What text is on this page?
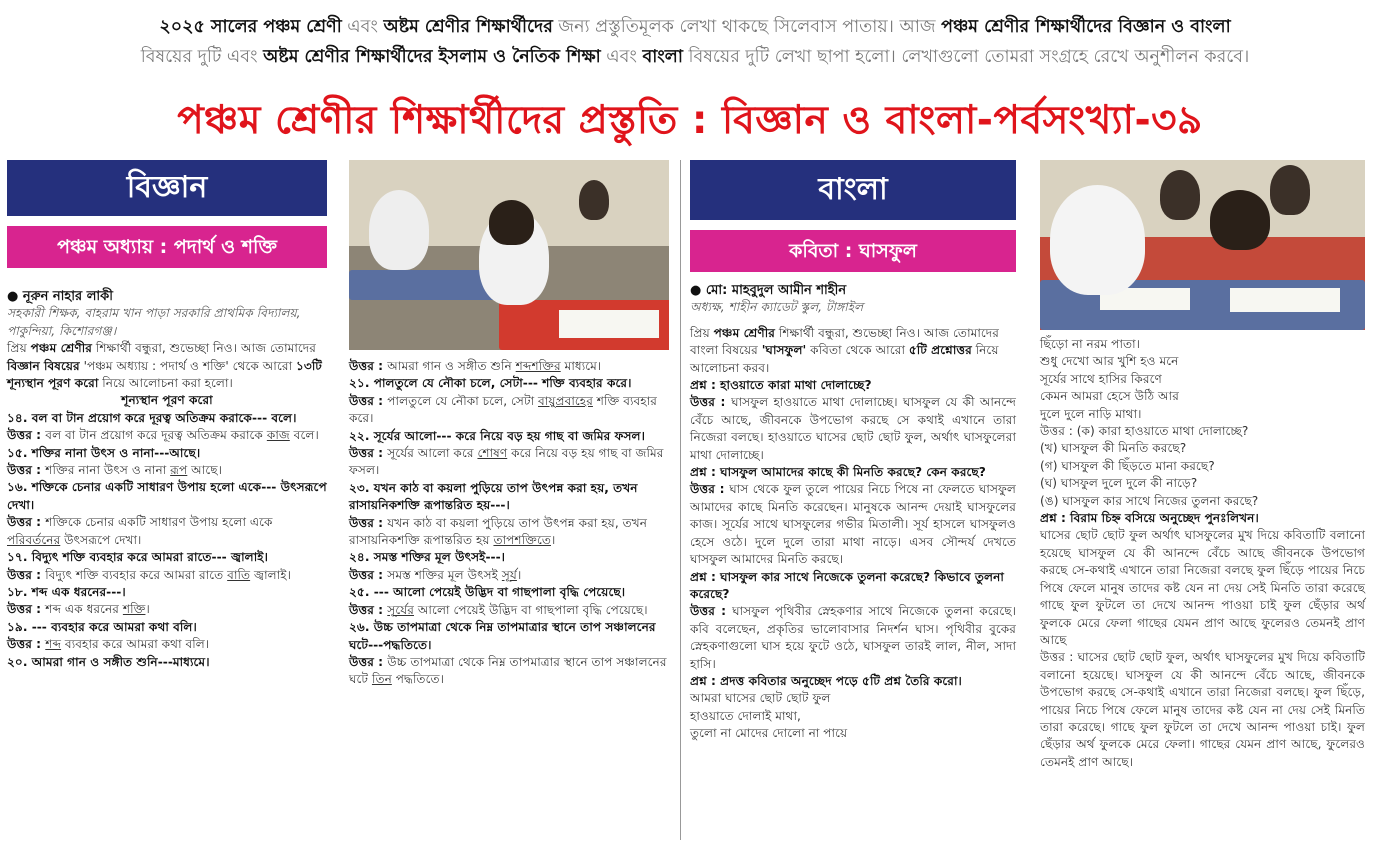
২০২৫ সালের পঞ্চম শ্রেণী এবং অষ্টম শ্রেণীর শিক্ষার্থীদের জন্য প্রস্তুতিমূলক লেখা থাকছে সিলেবাস পাতায়। আজ পঞ্চম শ্রেণীর শিক্ষার্থীদের বিজ্ঞান ও বাংলা
বিষয়ের দুটি এবং অষ্টম শ্রেণীর শিক্ষার্থীদের ইসলাম ও নৈতিক শিক্ষা এবং বাংলা বিষয়ের দুটি লেখা ছাপা হলো। লেখাগুলো তোমরা সংগ্রহে রেখে অনুশীলন করবে।
পঞ্চম শ্রেণীর শিক্ষার্থীদের প্রস্তুতি : বিজ্ঞান ও বাংলা-পর্বসংখ্যা-৩৯
বিজ্ঞান
পঞ্চম অধ্যায় : পদার্থ ও শক্তি

● নূরুন নাহার লাকী

সহকারী শিক্ষক, বাহরাম খান পাড়া সরকারি প্রাথমিক বিদ্যালয়, পাকুন্দিয়া, কিশোরগঞ্জ।

প্রিয় পঞ্চম শ্রেণীর শিক্ষার্থী বন্ধুরা, শুভেচ্ছা নিও। আজ তোমাদের বিজ্ঞান বিষয়ের 'পঞ্চম অধ্যায় : পদার্থ ও শক্তি' থেকে আরো ১৩টি শূন্যস্থান পূরণ করো নিয়ে আলোচনা করা হলো।

শূন্যস্থান পূরণ করো

১৪. বল বা টান প্রয়োগ করে দূরত্ব অতিক্রম করাকে--- বলে।

উত্তর : বল বা টান প্রয়োগ করে দূরত্ব অতিক্রম করাকে কাজ বলে।

১৫. শক্তির নানা উৎস ও নানা---আছে।

উত্তর : শক্তির নানা উৎস ও নানা রূপ আছে।

১৬. শক্তিকে চেনার একটি সাধারণ উপায় হলো একে--- উৎসরূপে দেখা।

উত্তর : শক্তিকে চেনার একটি সাধারণ উপায় হলো একে পরিবর্তনের উৎসরূপে দেখা।

১৭. বিদ্যুৎ শক্তি ব্যবহার করে আমরা রাতে--- জ্বালাই।

উত্তর : বিদ্যুৎ শক্তি ব্যবহার করে আমরা রাতে বাতি জ্বালাই।

১৮. শব্দ এক ধরনের---।

উত্তর : শব্দ এক ধরনের শক্তি।

১৯. --- ব্যবহার করে আমরা কথা বলি।

উত্তর : শব্দ ব্যবহার করে আমরা কথা বলি।

২০. আমরা গান ও সঙ্গীত শুনি---মাধ্যমে।

উত্তর : আমরা গান ও সঙ্গীত শুনি শব্দশক্তির মাধ্যমে।

২১. পালতুলে যে নৌকা চলে, সেটা--- শক্তি ব্যবহার করে।

উত্তর : পালতুলে যে নৌকা চলে, সেটা বায়ুপ্রবাহের শক্তি ব্যবহার করে।

২২. সূর্যের আলো--- করে নিয়ে বড় হয় গাছ বা জমির ফসল।

উত্তর : সূর্যের আলো করে শোষণ করে নিয়ে বড় হয় গাছ বা জমির ফসল।

২৩. যখন কাঠ বা কয়লা পুড়িয়ে তাপ উৎপন্ন করা হয়, তখন রাসায়নিকশক্তি রূপান্তরিত হয়---।

উত্তর : যখন কাঠ বা কয়লা পুড়িয়ে তাপ উৎপন্ন করা হয়, তখন রাসায়নিকশক্তি রূপান্তরিত হয় তাপশক্তিতে।

২৪. সমস্ত শক্তির মূল উৎসই---।

উত্তর : সমস্ত শক্তির মূল উৎসই সূর্য।

২৫. --- আলো পেয়েই উদ্ভিদ বা গাছপালা বৃদ্ধি পেয়েছে।

উত্তর : সূর্যের আলো পেয়েই উদ্ভিদ বা গাছপালা বৃদ্ধি পেয়েছে।

২৬. উচ্চ তাপমাত্রা থেকে নিম্ন তাপমাত্রার স্থানে তাপ সঞ্চালনের ঘটে---পদ্ধতিতে।

উত্তর : উচ্চ তাপমাত্রা থেকে নিম্ন তাপমাত্রার স্থানে তাপ সঞ্চালনের ঘটে তিন পদ্ধতিতে।

বাংলা
কবিতা : ঘাসফুল

● মো: মাহবুদুল আমীন শাহীন

অধ্যক্ষ, শাহীন ক্যাডেট স্কুল, টাঙ্গাইল

প্রিয় পঞ্চম শ্রেণীর শিক্ষার্থী বন্ধুরা, শুভেচ্ছা নিও। আজ তোমাদের বাংলা বিষয়ের 'ঘাসফুল' কবিতা থেকে আরো ৫টি প্রশ্নোত্তর নিয়ে আলোচনা করব।

প্রশ্ন : হাওয়াতে কারা মাথা দোলাচ্ছে?

উত্তর : ঘাসফুল হাওয়াতে মাথা দোলাচ্ছে। ঘাসফুল যে কী আনন্দে বেঁচে আছে, জীবনকে উপভোগ করছে সে কথাই এখানে তারা নিজেরা বলছে। হাওয়াতে ঘাসের ছোট ছোট ফুল, অর্থাৎ ঘাসফুলেরা মাথা দোলাচ্ছে।

প্রশ্ন : ঘাসফুল আমাদের কাছে কী মিনতি করছে? কেন করছে?

উত্তর : ঘাস থেকে ফুল তুলে পায়ের নিচে পিষে না ফেলতে ঘাসফুল আমাদের কাছে মিনতি করেছেন। মানুষকে আনন্দ দেয়াই ঘাসফুলের কাজ। সূর্যের সাথে ঘাসফুলের গভীর মিতালী। সূর্য হাসলে ঘাসফুলও হেসে ওঠে। দুলে দুলে তারা মাথা নাড়ে। এসব সৌন্দর্য দেখতে ঘাসফুল আমাদের মিনতি করছে।

প্রশ্ন : ঘাসফুল কার সাথে নিজেকে তুলনা করেছে? কিভাবে তুলনা করেছে?

উত্তর : ঘাসফুল পৃথিবীর স্নেহকণার সাথে নিজেকে তুলনা করেছে। কবি বলেছেন, প্রকৃতির ভালোবাসার নিদর্শন ঘাস। পৃথিবীর বুকের স্নেহকণাগুলো ঘাস হয়ে ফুটে ওঠে, ঘাসফুল তারই লাল, নীল, সাদা হাসি।

প্রশ্ন : প্রদত্ত কবিতার অনুচ্ছেদ পড়ে ৫টি প্রশ্ন তৈরি করো।

আমরা ঘাসের ছোট ছোট ফুল

হাওয়াতে দোলাই মাথা,

তুলো না মোদের দোলো না পায়ে

ছিঁড়ো না নরম পাতা।

শুধু দেখো আর খুশি হও মনে

সূর্যের সাথে হাসির কিরণে

কেমন আমরা হেসে উঠি আর

দুলে দুলে নাড়ি মাথা।

উত্তর : (ক) কারা হাওয়াতে মাথা দোলাচ্ছে?

(খ) ঘাসফুল কী মিনতি করছে?

(গ) ঘাসফুল কী ছিঁড়তে মানা করছে?

(ঘ) ঘাসফুল দুলে দুলে কী নাড়ে?

(ঙ) ঘাসফুল কার সাথে নিজের তুলনা করছে?

প্রশ্ন : বিরাম চিহ্ন বসিয়ে অনুচ্ছেদ পুনঃলিখন।

ঘাসের ছোট ছোট ফুল অর্থাৎ ঘাসফুলের মুখ দিয়ে কবিতাটি বলানো হয়েছে ঘাসফুল যে কী আনন্দে বেঁচে আছে জীবনকে উপভোগ করছে সে-কথাই এখানে তারা নিজেরা বলছে ফুল ছিঁড়ে পায়ের নিচে পিষে ফেলে মানুষ তাদের কষ্ট যেন না দেয় সেই মিনতি তারা করেছে গাছে ফুল ফুটলে তা দেখে আনন্দ পাওয়া চাই ফুল ছেঁড়ার অর্থ ফুলকে মেরে ফেলা গাছের যেমন প্রাণ আছে ফুলেরও তেমনই প্রাণ আছে

উত্তর : ঘাসের ছোট ছোট ফুল, অর্থাৎ ঘাসফুলের মুখ দিয়ে কবিতাটি বলানো হয়েছে। ঘাসফুল যে কী আনন্দে বেঁচে আছে, জীবনকে উপভোগ করছে সে-কথাই এখানে তারা নিজেরা বলছে। ফুল ছিঁড়ে, পায়ের নিচে পিষে ফেলে মানুষ তাদের কষ্ট যেন না দেয় সেই মিনতি তারা করেছে। গাছে ফুল ফুটলে তা দেখে আনন্দ পাওয়া চাই। ফুল ছেঁড়ার অর্থ ফুলকে মেরে ফেলা। গাছের যেমন প্রাণ আছে, ফুলেরও তেমনই প্রাণ আছে।
